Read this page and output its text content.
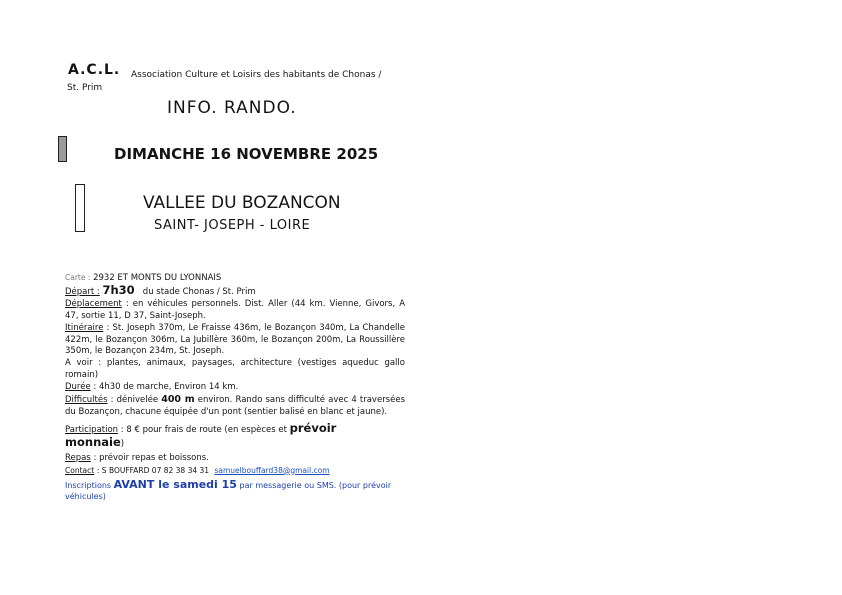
A.C.L. Association Culture et Loisirs des habitants de Chonas /
St. Prim
INFO. RANDO.
DIMANCHE 16 NOVEMBRE 2025
VALLEE DU BOZANCON
SAINT- JOSEPH - LOIRE

Carte : 2932 ET MONTS DU LYONNAIS

Départ : 7h30 du stade Chonas / St. Prim

Déplacement : en véhicules personnels. Dist. Aller (44 km. Vienne, Givors, A 47, sortie 11, D 37, Saint-Joseph.

Itinéraire : St. Joseph 370m, Le Fraisse 436m, le Bozançon 340m, La Chandelle 422m, le Bozançon 306m, La Jubillère 360m, le Bozançon 200m, La Roussillère 350m, le Bozançon 234m, St. Joseph.

A voir : plantes, animaux, paysages, architecture (vestiges aqueduc gallo romain)

Durée : 4h30 de marche, Environ 14 km.

Difficultés : dénivelée 400 m environ. Rando sans difficulté avec 4 traversées du Bozançon, chacune équipée d'un pont (sentier balisé en blanc et jaune).

Participation : 8 € pour frais de route (en espèces et prévoir
monnaie)

Repas : prévoir repas et boissons.

Contact : S BOUFFARD 07 82 38 34 31 samuelbouffard38@gmail.com

Inscriptions AVANT le samedi 15 par messagerie ou SMS. (pour prévoir véhicules)
